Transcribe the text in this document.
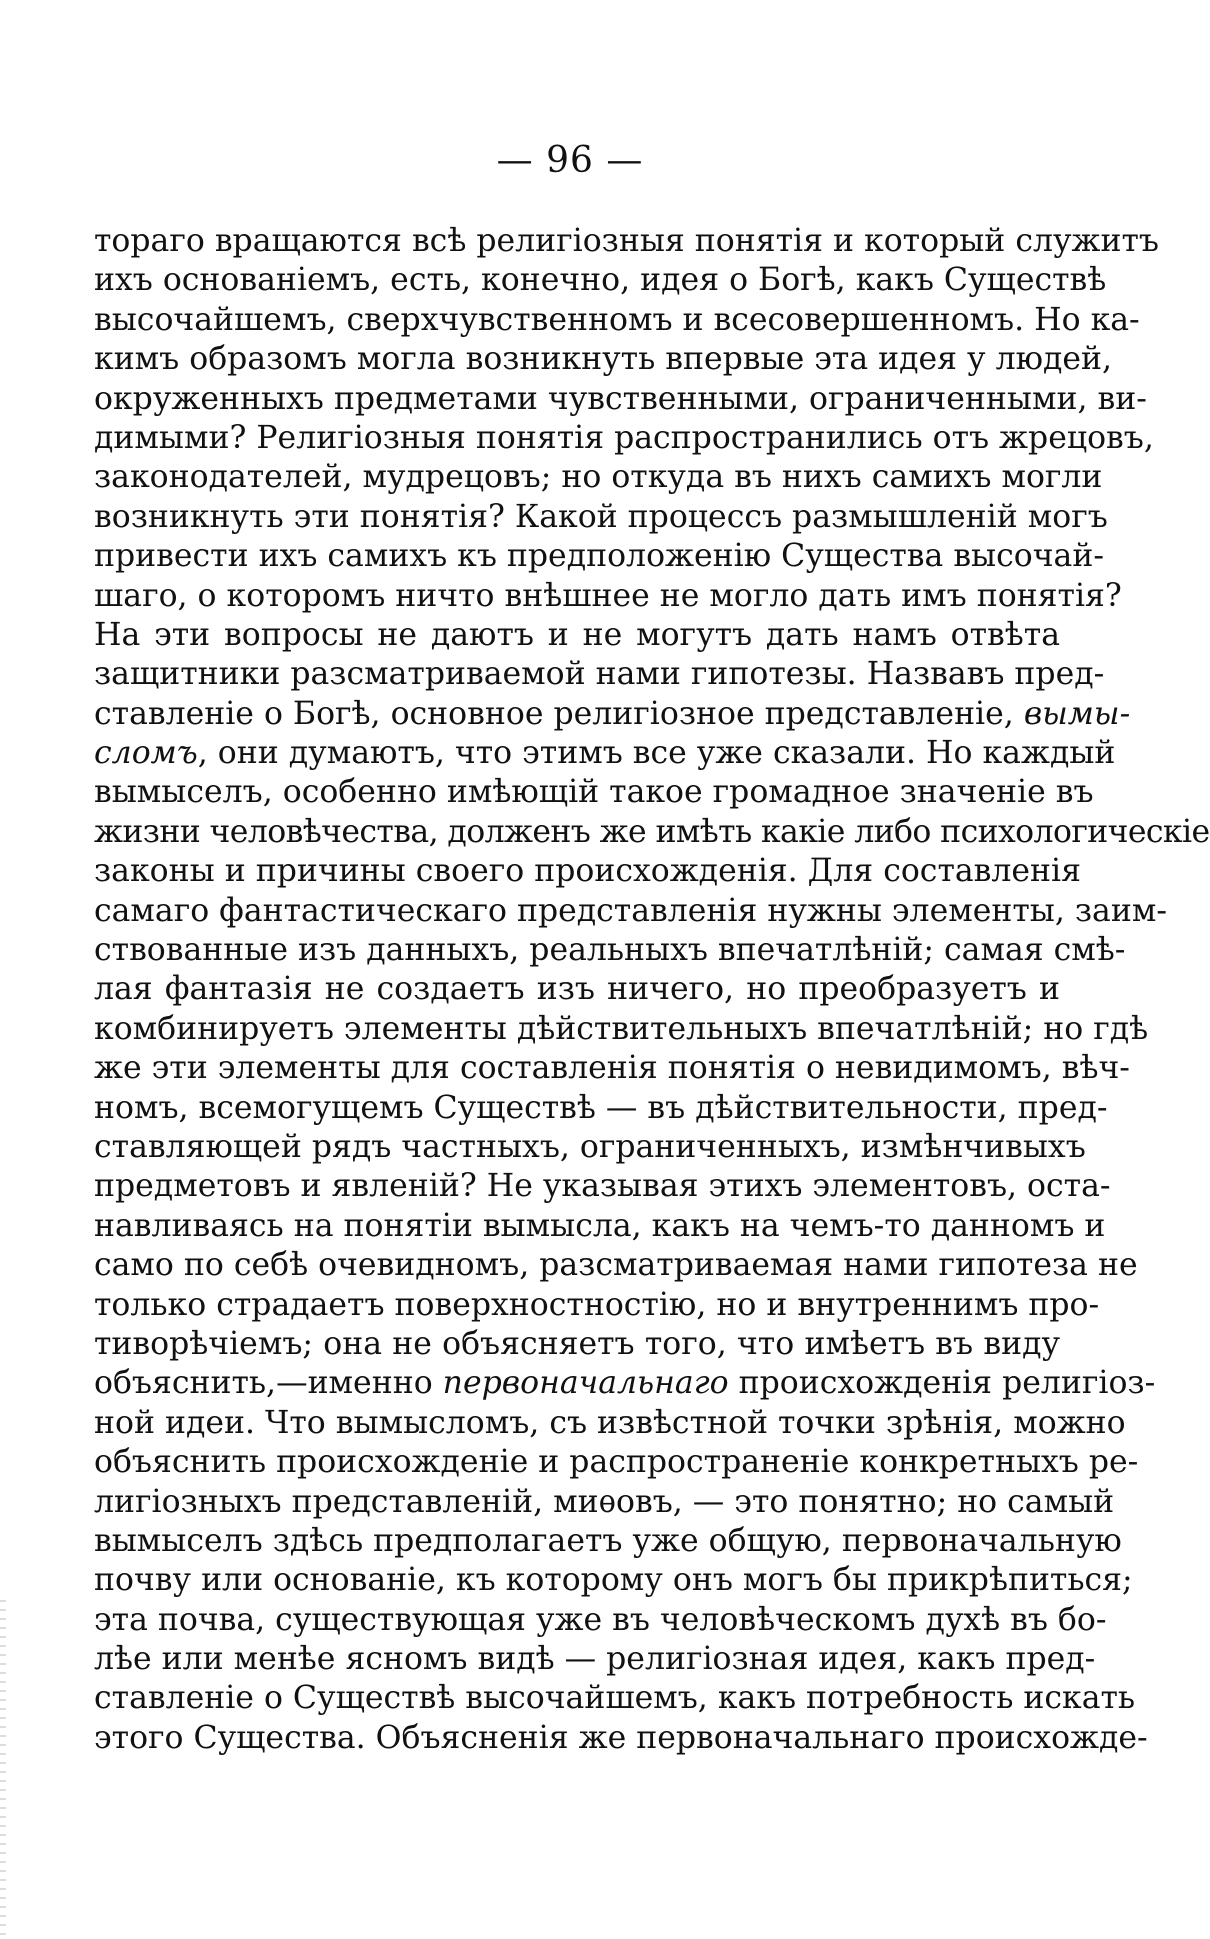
— 96 —
тораго вращаются всѣ религіозныя понятія и который служитъ
ихъ основаніемъ, есть, конечно, идея о Богѣ, какъ Существѣ
высочайшемъ, сверхчувственномъ и всесовершенномъ. Но ка-
кимъ образомъ могла возникнуть впервые эта идея у людей,
окруженныхъ предметами чувственными, ограниченными, ви-
димыми? Религіозныя понятія распространились отъ жрецовъ,
законодателей, мудрецовъ; но откуда въ нихъ самихъ могли
возникнуть эти понятія? Какой процессъ размышленій могъ
привести ихъ самихъ къ предположенію Существа высочай-
шаго, о которомъ ничто внѣшнее не могло дать имъ понятія?
На эти вопросы не даютъ и не могутъ дать намъ отвѣта
защитники разсматриваемой нами гипотезы. Назвавъ пред-
ставленіе о Богѣ, основное религіозное представленіе, вымы-
сломъ, они думаютъ, что этимъ все уже сказали. Но каждый
вымыселъ, особенно имѣющій такое громадное значеніе въ
жизни человѣчества, долженъ же имѣть какіе либо психологическіе
законы и причины своего происхожденія. Для составленія
самаго фантастическаго представленія нужны элементы, заим-
ствованные изъ данныхъ, реальныхъ впечатлѣній; самая смѣ-
лая фантазія не создаетъ изъ ничего, но преобразуетъ и
комбинируетъ элементы дѣйствительныхъ впечатлѣній; но гдѣ
же эти элементы для составленія понятія о невидимомъ, вѣч-
номъ, всемогущемъ Существѣ — въ дѣйствительности, пред-
ставляющей рядъ частныхъ, ограниченныхъ, измѣнчивыхъ
предметовъ и явленій? Не указывая этихъ элементовъ, оста-
навливаясь на понятіи вымысла, какъ на чемъ-то данномъ и
само по себѣ очевидномъ, разсматриваемая нами гипотеза не
только страдаетъ поверхностностію, но и внутреннимъ про-
тиворѣчіемъ; она не объясняетъ того, что имѣетъ въ виду
объяснить,—именно первоначальнаго происхожденія религіоз-
ной идеи. Что вымысломъ, съ извѣстной точки зрѣнія, можно
объяснить происхожденіе и распространеніе конкретныхъ ре-
лигіозныхъ представленій, миѳовъ, — это понятно; но самый
вымыселъ здѣсь предполагаетъ уже общую, первоначальную
почву или основаніе, къ которому онъ могъ бы прикрѣпиться;
эта почва, существующая уже въ человѣческомъ духѣ въ бо-
лѣе или менѣе ясномъ видѣ — религіозная идея, какъ пред-
ставленіе о Существѣ высочайшемъ, какъ потребность искать
этого Существа. Объясненія же первоначальнаго происхожде-
